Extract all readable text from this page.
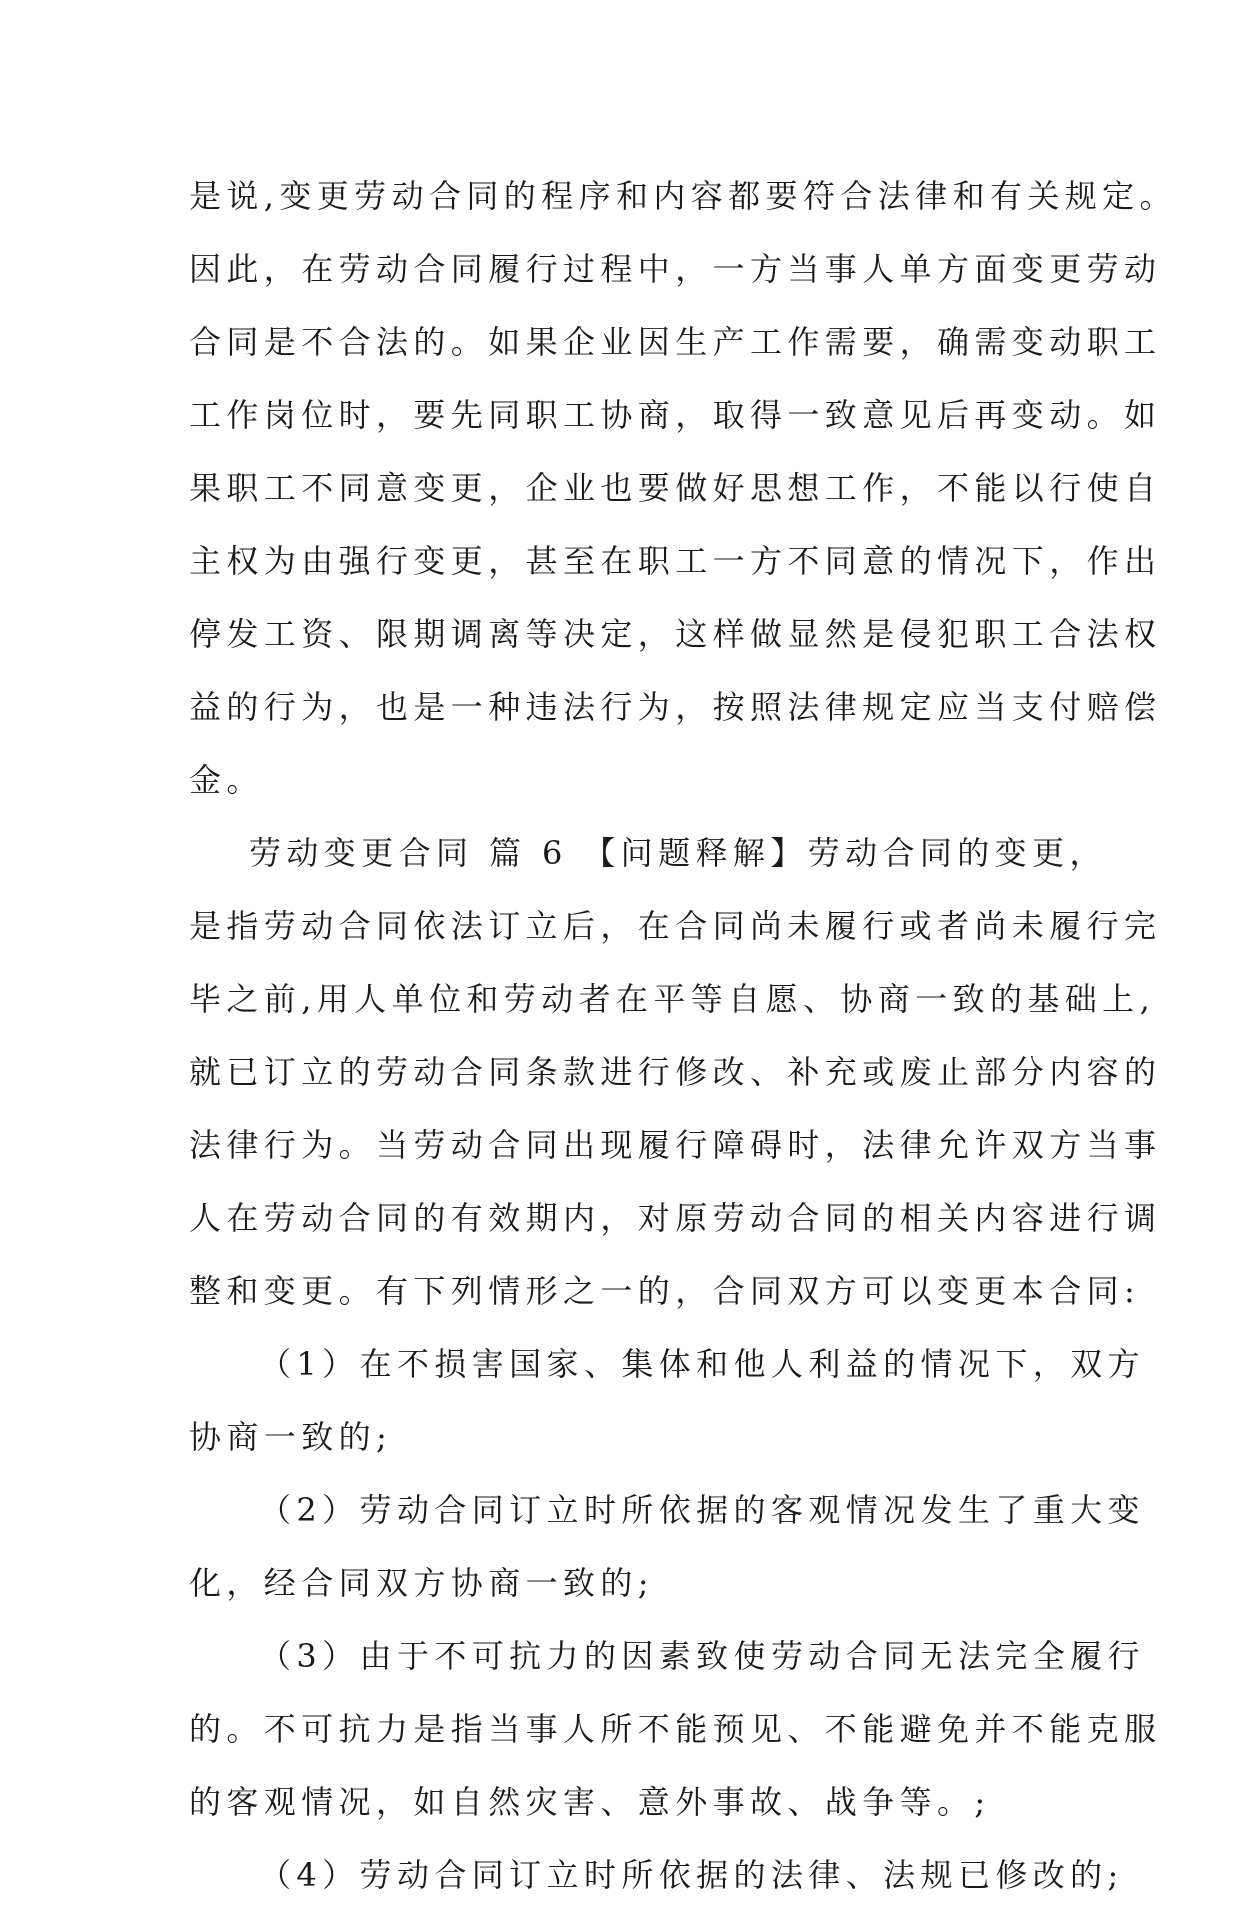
是说,变更劳动合同的程序和内容都要符合法律和有关规定。
因此，在劳动合同履行过程中，一方当事人单方面变更劳动
合同是不合法的。如果企业因生产工作需要，确需变动职工
工作岗位时，要先同职工协商，取得一致意见后再变动。如
果职工不同意变更，企业也要做好思想工作，不能以行使自
主权为由强行变更，甚至在职工一方不同意的情况下，作出
停发工资、限期调离等决定，这样做显然是侵犯职工合法权
益的行为，也是一种违法行为，按照法律规定应当支付赔偿
金。
劳动变更合同 篇 6 【问题释解】劳动合同的变更，
是指劳动合同依法订立后，在合同尚未履行或者尚未履行完
毕之前,用人单位和劳动者在平等自愿、协商一致的基础上,
就已订立的劳动合同条款进行修改、补充或废止部分内容的
法律行为。当劳动合同出现履行障碍时，法律允许双方当事
人在劳动合同的有效期内，对原劳动合同的相关内容进行调
整和变更。有下列情形之一的，合同双方可以变更本合同:
（1）在不损害国家、集体和他人利益的情况下，双方
协商一致的;
（2）劳动合同订立时所依据的客观情况发生了重大变
化，经合同双方协商一致的;
（3）由于不可抗力的因素致使劳动合同无法完全履行
的。不可抗力是指当事人所不能预见、不能避免并不能克服
的客观情况，如自然灾害、意外事故、战争等。;
（4）劳动合同订立时所依据的法律、法规已修改的;
